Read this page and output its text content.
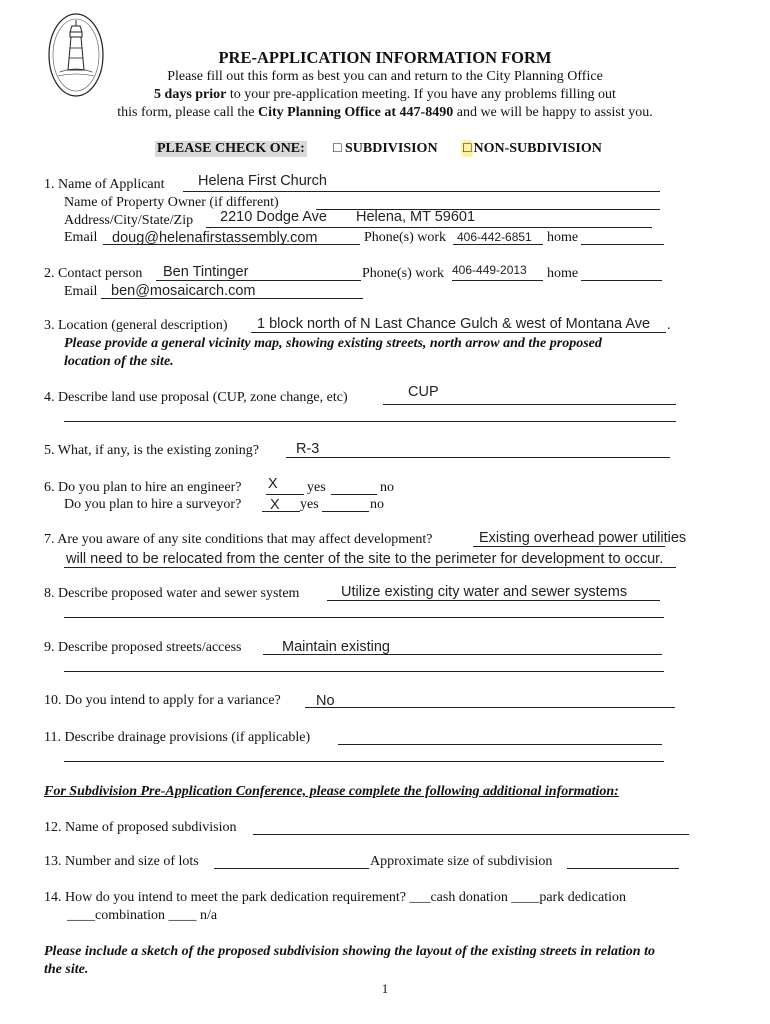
PRE-APPLICATION INFORMATION FORM
Please fill out this form as best you can and return to the City Planning Office
5 days prior to your pre-application meeting. If you have any problems filling out
this form, please call the City Planning Office at 447-8490 and we will be happy to assist you.
PLEASE CHECK ONE: □ SUBDIVISION □ NON-SUBDIVISION
1. Name of Applicant Helena First Church
Name of Property Owner (if different)
Address/City/State/Zip 2210 Dodge Ave Helena, MT 59601
Email doug@helenafirstassembly.com	Phone(s) work 406-442-6851 home
2. Contact person Ben Tintinger	Phone(s) work 406-449-2013 home
Email ben@mosaicarch.com
3. Location (general description) 1 block north of N Last Chance Gulch & west of Montana Ave .
Please provide a general vicinity map, showing existing streets, north arrow and the proposed
location of the site.
4. Describe land use proposal (CUP, zone change, etc)	CUP
5. What, if any, is the existing zoning?	R-3
6. Do you plan to hire an engineer? X yes	no
Do you plan to hire a surveyor? X yes	no
7. Are you aware of any site conditions that may affect development?	Existing overhead power utilities
will need to be relocated from the center of the site to the perimeter for development to occur.
8. Describe proposed water and sewer system	Utilize existing city water and sewer systems
9. Describe proposed streets/access	Maintain existing
10. Do you intend to apply for a variance? No
11. Describe drainage provisions (if applicable)
For Subdivision Pre-Application Conference, please complete the following additional information:
12. Name of proposed subdivision
13. Number and size of lots	Approximate size of subdivision
14. How do you intend to meet the park dedication requirement? ___cash donation ____park dedication
____combination ____ n/a
Please include a sketch of the proposed subdivision showing the layout of the existing streets in relation to
the site.
1
